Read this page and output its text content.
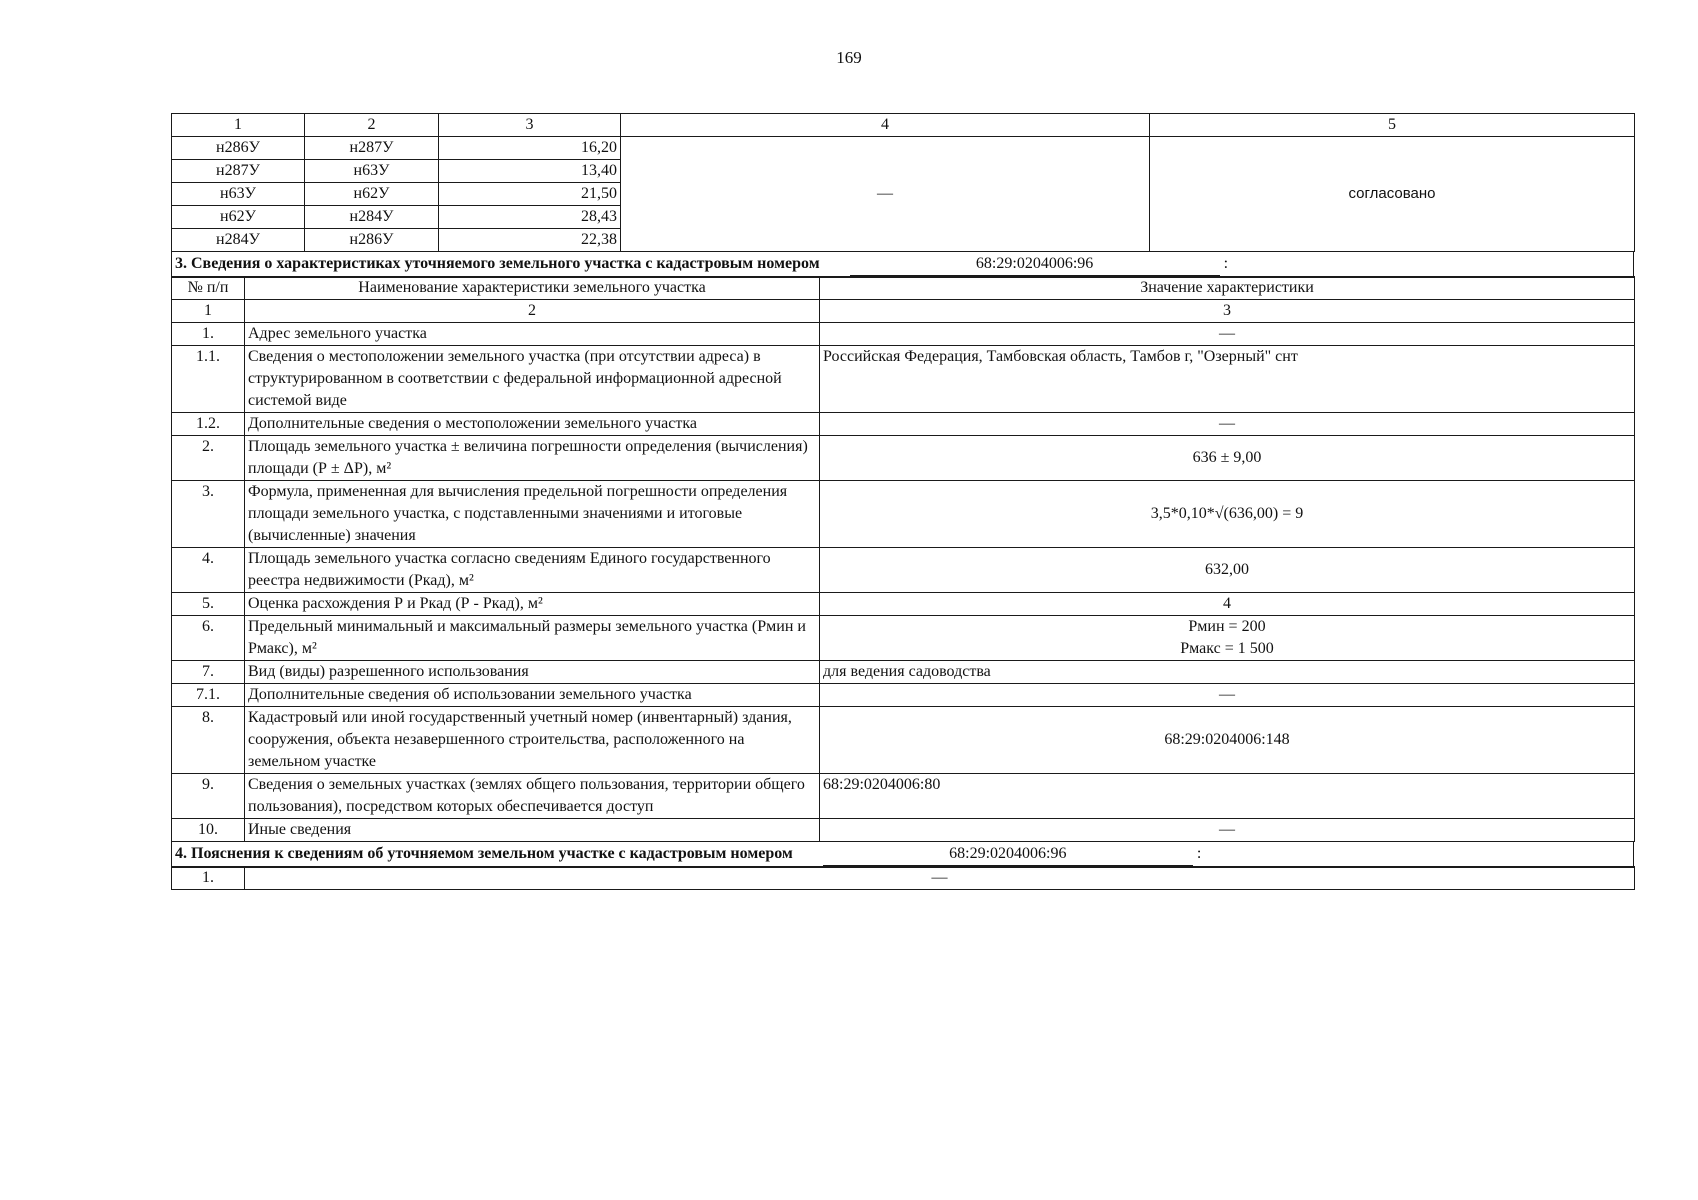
169
1	2	3	4	5
н286У	н287У	16,20	—	согласовано
н287У	н63У	13,40		
н63У	н62У	21,50		
н62У	н284У	28,43		
н284У	н286У	22,38		
3. Сведения о характеристиках уточняемого земельного участка с кадастровым номером	68:29:0204006:96	:
№ п/п	Наименование характеристики земельного участка	Значение характеристики
1	2	3
1.	Адрес земельного участка	—
1.1.	Сведения о местоположении земельного участка (при отсутствии адреса) в структурированном в соответствии с федеральной информационной адресной системой виде	Российская Федерация, Тамбовская область, Тамбов г, "Озерный" снт
1.2.	Дополнительные сведения о местоположении земельного участка	—
2.	Площадь земельного участка ± величина погрешности определения (вычисления) площади (Р ± ΔР), м²	636 ± 9,00
3.	Формула, примененная для вычисления предельной погрешности определения площади земельного участка, с подставленными значениями и итоговые (вычисленные) значения	3,5*0,10*√(636,00) = 9
4.	Площадь земельного участка согласно сведениям Единого государственного реестра недвижимости (Ркад), м²	632,00
5.	Оценка расхождения Р и Ркад (Р - Ркад), м²	4
6.	Предельный минимальный и максимальный размеры земельного участка (Рмин и Рмакс), м²	Рмин = 200
Рмакс = 1 500

7.	Вид (виды) разрешенного использования	для ведения садоводства
7.1.	Дополнительные сведения об использовании земельного участка	—
8.	Кадастровый или иной государственный учетный номер (инвентарный) здания, сооружения, объекта незавершенного строительства, расположенного на земельном участке	68:29:0204006:148
9.	Сведения о земельных участках (землях общего пользования, территории общего пользования), посредством которых обеспечивается доступ	68:29:0204006:80
10.	Иные сведения	—
4. Пояснения к сведениям об уточняемом земельном участке с кадастровым номером	68:29:0204006:96	:
1.	—
